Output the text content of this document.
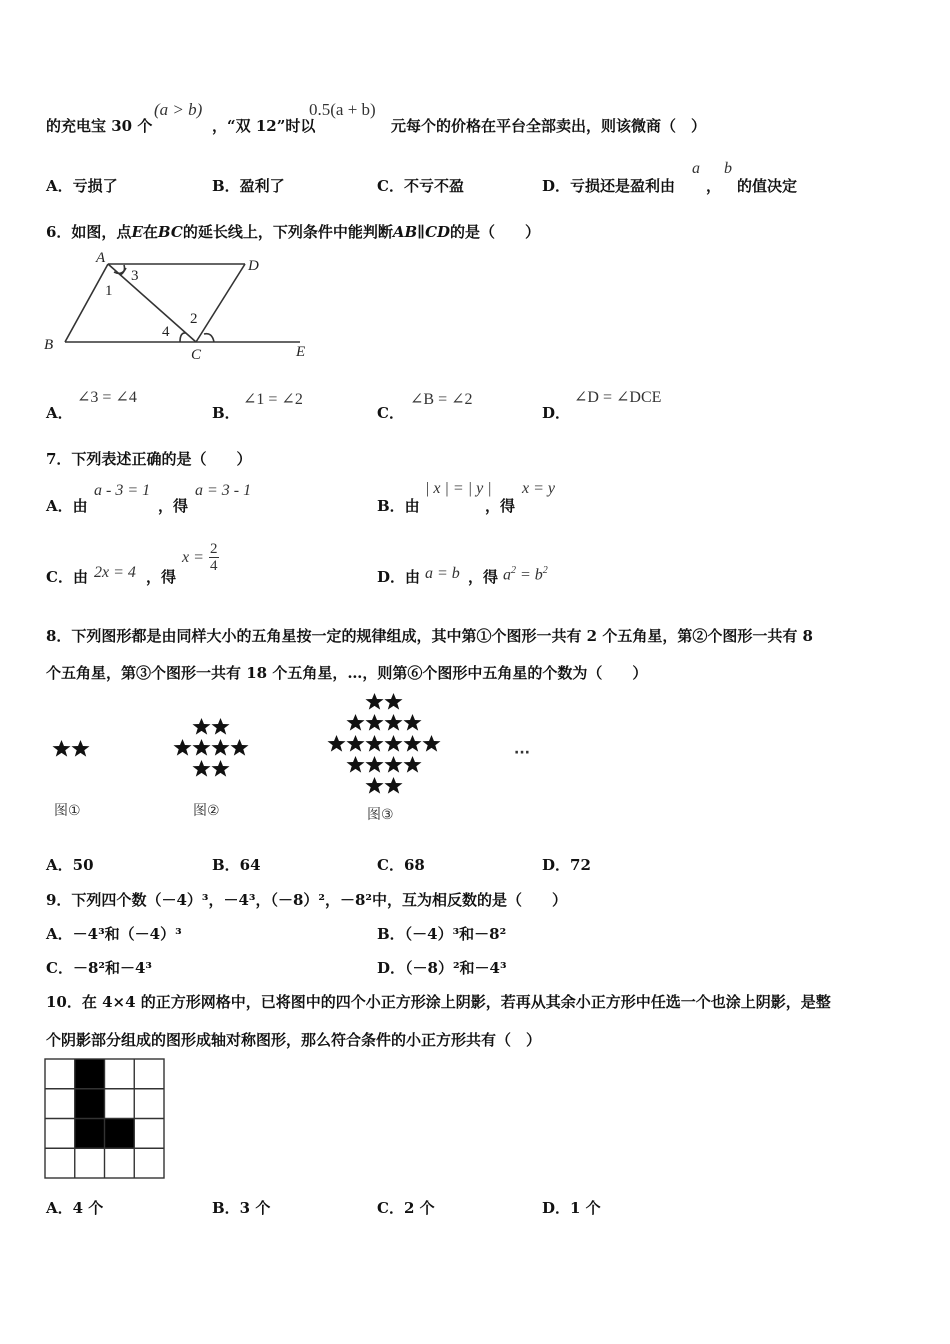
的充电宝 30 个
(a > b)
，“双 12”时以
0.5(a + b)
元每个的价格在平台全部卖出，则该微商（　）
A．亏损了	B．盈利了	C．不亏不盈	D．亏损还是盈利由
a
，
b
的值决定
6．如图，点E在BC的延长线上，下列条件中能判断AB∥CD的是（　　）
A	D
B
C	E
1
3
2
4
A．
∠3 = ∠4
B．
∠1 = ∠2
C．
∠B = ∠2
D．
∠D = ∠DCE
7．下列表述正确的是（　　）
A．由
a - 3 = 1
，得
a = 3 - 1
B．由
| x | = | y |
，得
x = y
C．由 2x = 4 ，得
$x = \frac{2}{4}$
D．由 a = b ，得 $a^2 = b^2$
8．下列图形都是由同样大小的五角星按一定的规律组成，其中第①个图形一共有 2 个五角星，第②个图形一共有 8
个五角星，第③个图形一共有 18 个五角星，…，则第⑥个图形中五角星的个数为（　　）
图①	图②	图③
···
A．50	B．64	C．68	D．72
9．下列四个数（－4）³，－4³，（－8）²，－8²中，互为相反数的是（　　）
A．－4³和（－4）³	B．（－4）³和－8²
C．－8²和－4³	D．（－8）²和－4³
10．在 4×4 的正方形网格中，已将图中的四个小正方形涂上阴影，若再从其余小正方形中任选一个也涂上阴影，是整
个阴影部分组成的图形成轴对称图形，那么符合条件的小正方形共有（　）
A．4 个	B．3 个	C．2 个	D．1 个
